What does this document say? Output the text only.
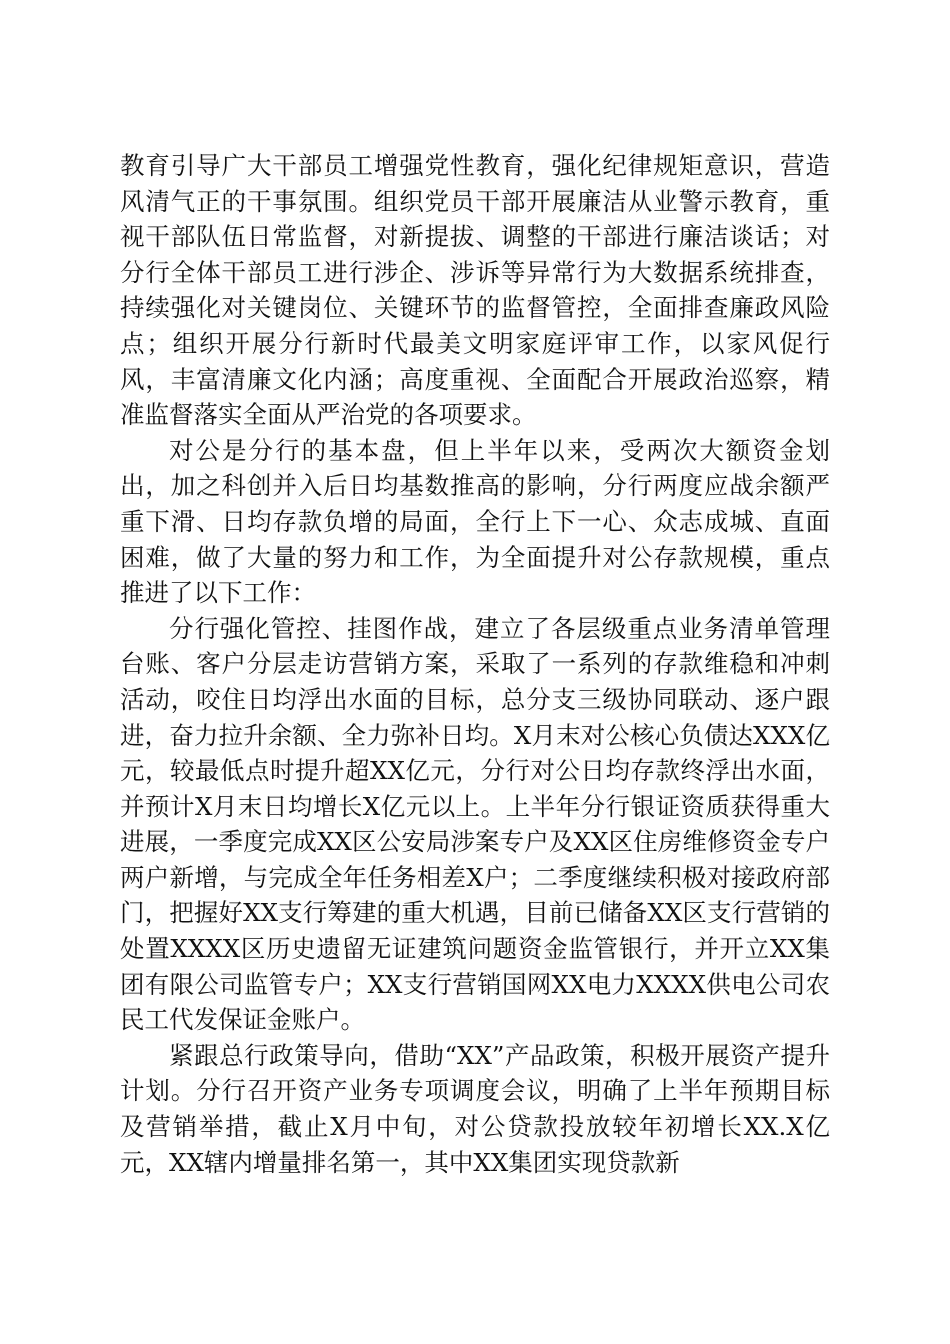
教育引导广大干部员工增强党性教育，强化纪律规矩意识，营造风清气正的干事氛围。组织党员干部开展廉洁从业警示教育，重视干部队伍日常监督，对新提拔、调整的干部进行廉洁谈话；对分行全体干部员工进行涉企、涉诉等异常行为大数据系统排查，持续强化对关键岗位、关键环节的监督管控，全面排查廉政风险点；组织开展分行新时代最美文明家庭评审工作，以家风促行风，丰富清廉文化内涵；高度重视、全面配合开展政治巡察，精准监督落实全面从严治党的各项要求。

对公是分行的基本盘，但上半年以来，受两次大额资金划出，加之科创并入后日均基数推高的影响，分行两度应战余额严重下滑、日均存款负增的局面，全行上下一心、众志成城、直面困难，做了大量的努力和工作，为全面提升对公存款规模，重点推进了以下工作：

分行强化管控、挂图作战，建立了各层级重点业务清单管理台账、客户分层走访营销方案，采取了一系列的存款维稳和冲刺活动，咬住日均浮出水面的目标，总分支三级协同联动、逐户跟进，奋力拉升余额、全力弥补日均。X月末对公核心负债达XXX亿元，较最低点时提升超XX亿元，分行对公日均存款终浮出水面，并预计X月末日均增长X亿元以上。上半年分行银证资质获得重大进展，一季度完成XX区公安局涉案专户及XX区住房维修资金专户两户新增，与完成全年任务相差X户；二季度继续积极对接政府部门，把握好XX支行筹建的重大机遇，目前已储备XX区支行营销的处置XXXX区历史遗留无证建筑问题资金监管银行，并开立XX集团有限公司监管专户；XX支行营销国网XX电力XXXX供电公司农民工代发保证金账户。

紧跟总行政策导向，借助“XX”产品政策，积极开展资产提升计划。分行召开资产业务专项调度会议，明确了上半年预期目标及营销举措，截止X月中旬，对公贷款投放较年初增长XX.X亿元，XX辖内增量排名第一，其中XX集团实现贷款新
